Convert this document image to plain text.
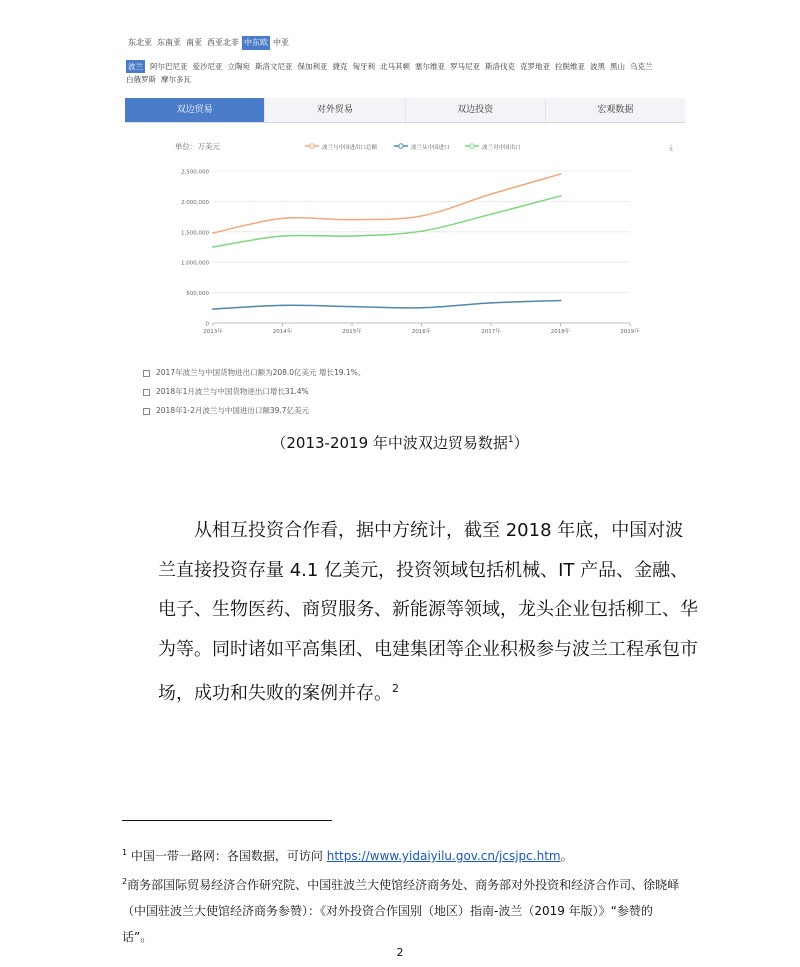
东北亚 东南亚 南亚 西亚北非 中东欧 中亚
波兰 阿尔巴尼亚 爱沙尼亚 立陶宛 斯洛文尼亚 保加利亚 捷克 匈牙利 北马其顿 塞尔维亚 罗马尼亚 斯洛伐克 克罗地亚 拉脱维亚 波黑 黑山 乌克兰白俄罗斯 摩尔多瓦
双边贸易	对外贸易	双边投资	宏观数据
单位：万美元	波兰与中国进出口总额	波兰从中国进口	波兰对中国出口	⤓
0
500,000
1,000,000
1,500,000
2,000,000
2,500,000
2013年	2014年	2015年	2016年	2017年	2018年	2019年
2017年波兰与中国货物进出口额为208.0亿美元 增长19.1%。
2018年1月波兰与中国货物进出口增长31.4%
2018年1-2月波兰与中国进出口额39.7亿美元
（2013-2019 年中波双边贸易数据$^1$）
从相互投资合作看，据中方统计，截至 2018 年底，中国对波兰直接投资存量 4.1 亿美元，投资领域包括机械、IT 产品、金融、电子、生物医药、商贸服务、新能源等领域，龙头企业包括柳工、华为等。同时诸如平高集团、电建集团等企业积极参与波兰工程承包市场，成功和失败的案例并存。$^2$
$^1$ 中国一带一路网：各国数据，可访问 https://www.yidaiyilu.gov.cn/jcsjpc.htm。
$^2$商务部国际贸易经济合作研究院、中国驻波兰大使馆经济商务处、商务部对外投资和经济合作司、徐晓峄（中国驻波兰大使馆经济商务参赞）：《对外投资合作国别（地区）指南-波兰（2019 年版）》“参赞的话”。
2
